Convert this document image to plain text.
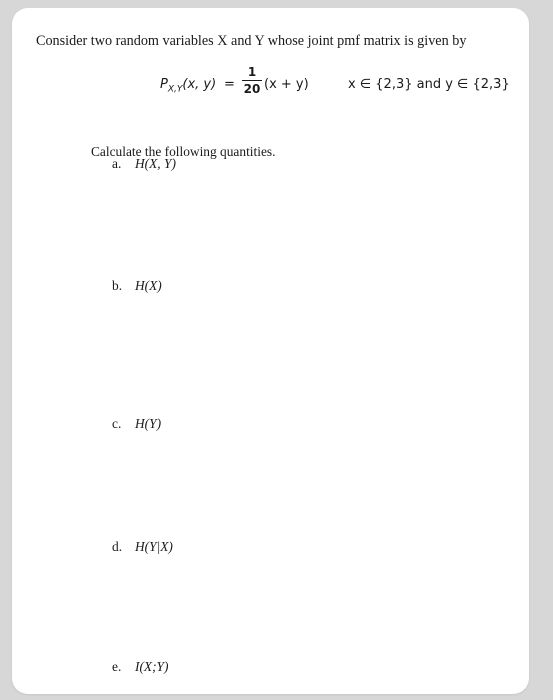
Consider two random variables X and Y whose joint pmf matrix is given by
$P_{X,Y}(x$, y) =
1
20 (x + y)	x ∈ {2,3} and y ∈ {2,3}
Calculate the following quantities.
a. H(X, Y)
b. H(X)
c. H(Y)
d. H(Y|X)
e. I(X;Y)
